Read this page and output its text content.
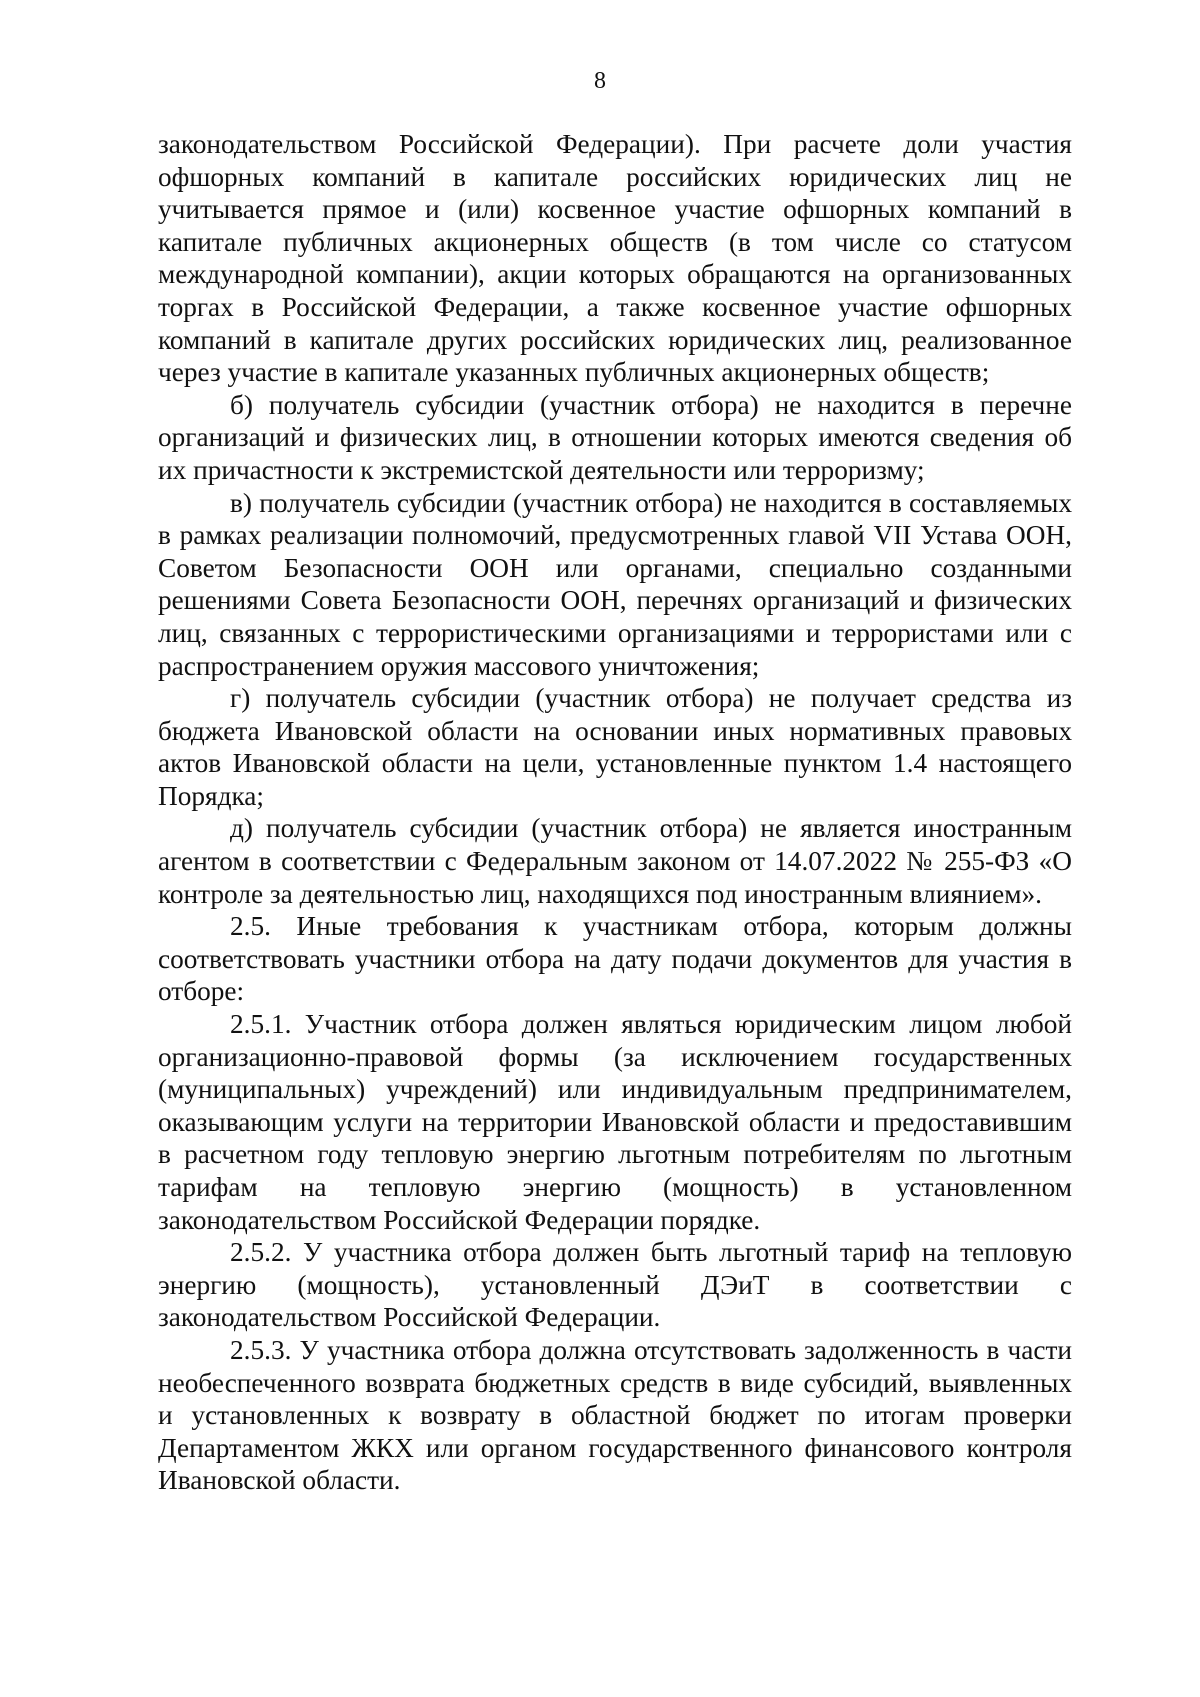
8

законодательством Российской Федерации). При расчете доли участия офшорных компаний в капитале российских юридических лиц не учитывается прямое и (или) косвенное участие офшорных компаний в капитале публичных акционерных обществ (в том числе со статусом международной компании), акции которых обращаются на организованных торгах в Российской Федерации, а также косвенное участие офшорных компаний в капитале других российских юридических лиц, реализованное через участие в капитале указанных публичных акционерных обществ;

б) получатель субсидии (участник отбора) не находится в перечне организаций и физических лиц, в отношении которых имеются сведения об их причастности к экстремистской деятельности или терроризму;

в) получатель субсидии (участник отбора) не находится в составляемых в рамках реализации полномочий, предусмотренных главой VII Устава ООН, Советом Безопасности ООН или органами, специально созданными решениями Совета Безопасности ООН, перечнях организаций и физических лиц, связанных с террористическими организациями и террористами или с распространением оружия массового уничтожения;

г) получатель субсидии (участник отбора) не получает средства из бюджета Ивановской области на основании иных нормативных правовых актов Ивановской области на цели, установленные пунктом 1.4 настоящего Порядка;

д) получатель субсидии (участник отбора) не является иностранным агентом в соответствии с Федеральным законом от 14.07.2022 № 255-ФЗ «О контроле за деятельностью лиц, находящихся под иностранным влиянием».

2.5. Иные требования к участникам отбора, которым должны соответствовать участники отбора на дату подачи документов для участия в отборе:

2.5.1. Участник отбора должен являться юридическим лицом любой организационно-правовой формы (за исключением государственных (муниципальных) учреждений) или индивидуальным предпринимателем, оказывающим услуги на территории Ивановской области и предоставившим в расчетном году тепловую энергию льготным потребителям по льготным тарифам на тепловую энергию (мощность) в установленном законодательством Российской Федерации порядке.

2.5.2. У участника отбора должен быть льготный тариф на тепловую энергию (мощность), установленный ДЭиТ в соответствии с законодательством Российской Федерации.

2.5.3. У участника отбора должна отсутствовать задолженность в части необеспеченного возврата бюджетных средств в виде субсидий, выявленных и установленных к возврату в областной бюджет по итогам проверки Департаментом ЖКХ или органом государственного финансового контроля Ивановской области.
